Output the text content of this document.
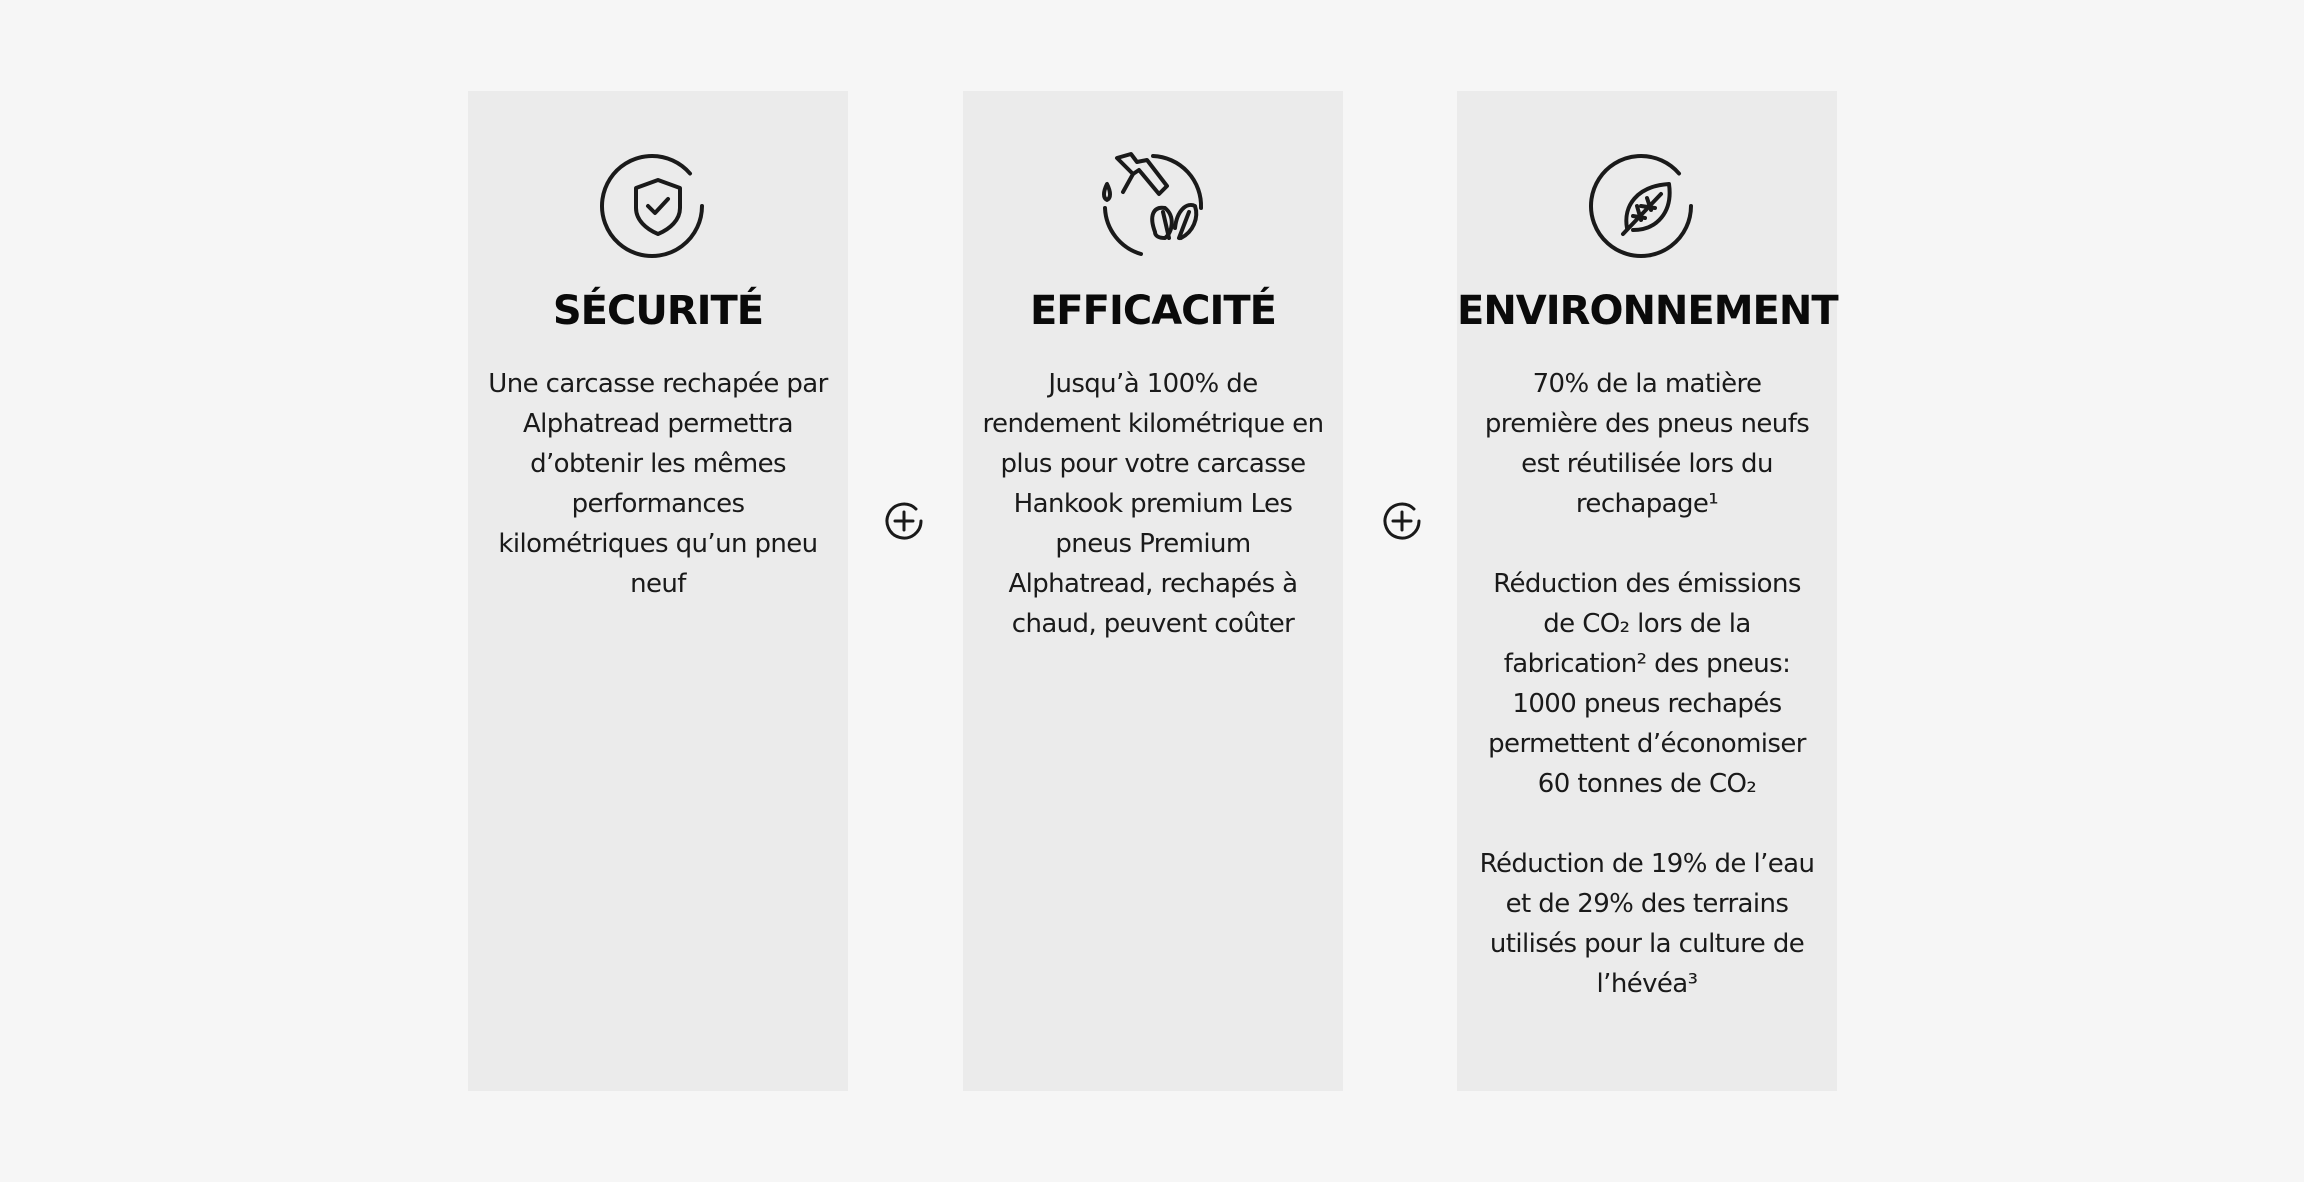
SÉCURITÉ

Une carcasse rechapée par Alphatread permettra d’obtenir les mêmes performances kilométriques qu’un pneu neuf

EFFICACITÉ

Jusqu’à 100% de rendement kilométrique en plus pour votre carcasse Hankook premium Les pneus Premium Alphatread, rechapés à chaud, peuvent coûter

ENVIRONNEMENT

70% de la matière première des pneus neufs est réutilisée lors du rechapage¹

Réduction des émissions de CO₂ lors de la fabrication² des pneus: 1000 pneus rechapés permettent d’économiser 60 tonnes de CO₂

Réduction de 19% de l’eau et de 29% des terrains utilisés pour la culture de l’hévéa³
